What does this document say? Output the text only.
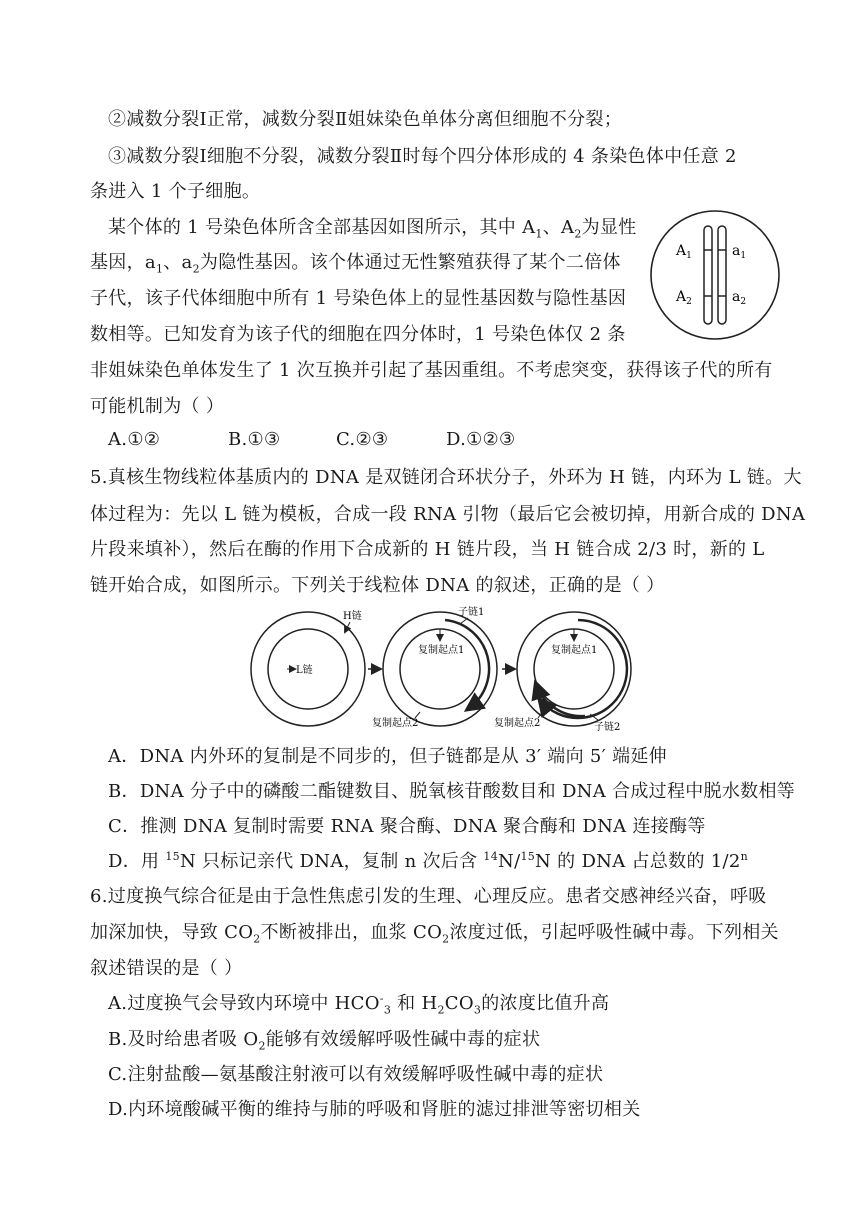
②减数分裂Ⅰ正常，减数分裂Ⅱ姐妹染色单体分离但细胞不分裂；
③减数分裂Ⅰ细胞不分裂，减数分裂Ⅱ时每个四分体形成的 4 条染色体中任意 2
条进入 1 个子细胞。
某个体的 1 号染色体所含全部基因如图所示，其中 $A_1$、$A_2$为显性
基因，$a_1$、$a_2$为隐性基因。该个体通过无性繁殖获得了某个二倍体
子代，该子代体细胞中所有 1 号染色体上的显性基因数与隐性基因
数相等。已知发育为该子代的细胞在四分体时，1 号染色体仅 2 条
非姐妹染色单体发生了 1 次互换并引起了基因重组。不考虑突变，获得该子代的所有
可能机制为（ ）
A.①②	B.①③	C.②③	D.①②③
$A_1$
$A_2$
$a_1$
$a_2$
5.真核生物线粒体基质内的 DNA 是双链闭合环状分子，外环为 H 链，内环为 L 链。大
体过程为：先以 L 链为模板，合成一段 RNA 引物（最后它会被切掉，用新合成的 DNA
片段来填补），然后在酶的作用下合成新的 H 链片段，当 H 链合成 2/3 时，新的 L
链开始合成，如图所示。下列关于线粒体 DNA 的叙述，正确的是（ ）
H链
L链
子链1
复制起点1
复制起点2
复制起点1
复制起点2	子链2
A．DNA 内外环的复制是不同步的，但子链都是从 3′ 端向 5′ 端延伸
B．DNA 分子中的磷酸二酯键数目、脱氧核苷酸数目和 DNA 合成过程中脱水数相等
C．推测 DNA 复制时需要 RNA 聚合酶、DNA 聚合酶和 DNA 连接酶等
D．用 $^{15}$N 只标记亲代 DNA，复制 n 次后含 $^{14}$N/$^{15}$N 的 DNA 占总数的 1/2$^n$
6.过度换气综合征是由于急性焦虑引发的生理、心理反应。患者交感神经兴奋，呼吸
加深加快，导致 $CO_2$不断被排出，血浆 $CO_2$浓度过低，引起呼吸性碱中毒。下列相关
叙述错误的是（ ）
A.过度换气会导致内环境中 $HCO^-_3$ 和 $H_2CO_3$的浓度比值升高
B.及时给患者吸 $O_2$能够有效缓解呼吸性碱中毒的症状
C.注射盐酸—氨基酸注射液可以有效缓解呼吸性碱中毒的症状
D.内环境酸碱平衡的维持与肺的呼吸和肾脏的滤过排泄等密切相关
